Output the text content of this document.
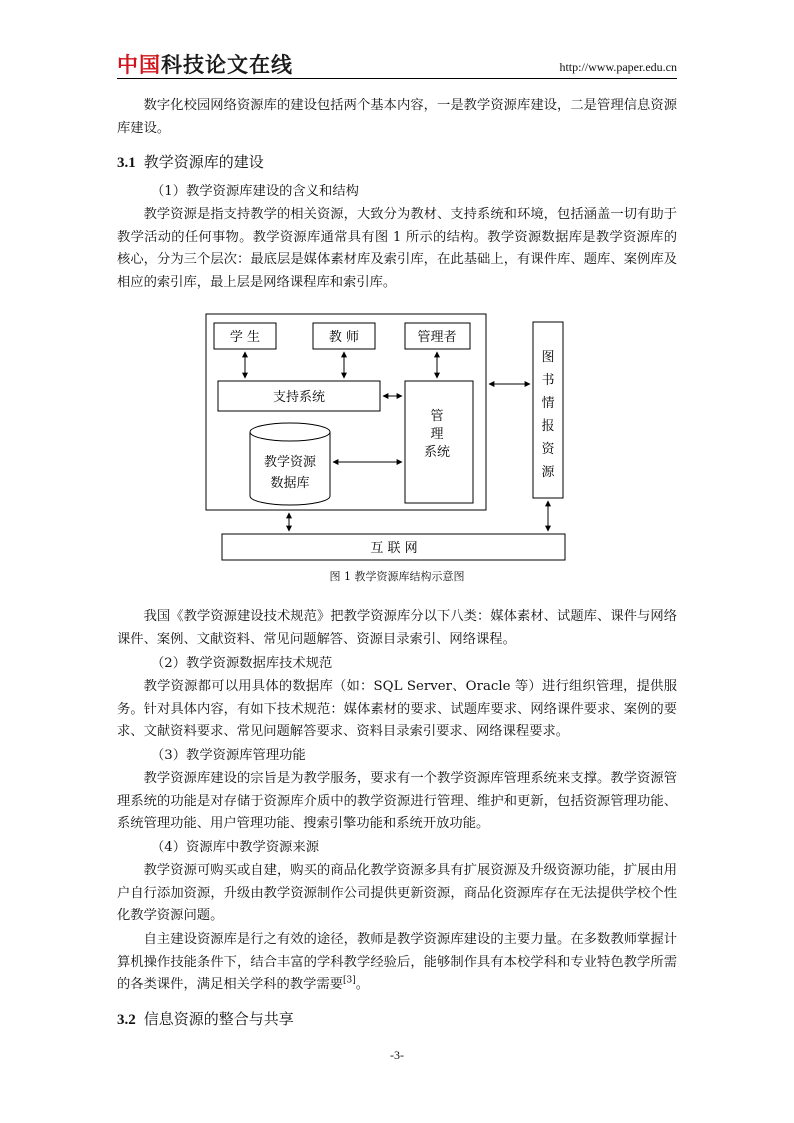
中国科技论文在线	http://www.paper.edu.cn

数字化校园网络资源库的建设包括两个基本内容，一是教学资源库建设，二是管理信息资源库建设。

3.1 教学资源库的建设

（1）教学资源库建设的含义和结构

教学资源是指支持教学的相关资源，大致分为教材、支持系统和环境，包括涵盖一切有助于教学活动的任何事物。教学资源库通常具有图 1 所示的结构。教学资源数据库是教学资源库的核心，分为三个层次：最底层是媒体素材库及索引库，在此基础上，有课件库、题库、案例库及相应的索引库，最上层是网络课程库和索引库。

学 生	教 师	管理者
支持系统
管
理
系统
教学资源
数据库
图
书
情
报
资
源
互 联 网
图 1 教学资源库结构示意图

我国《教学资源建设技术规范》把教学资源库分以下八类：媒体素材、试题库、课件与网络课件、案例、文献资料、常见问题解答、资源目录索引、网络课程。

（2）教学资源数据库技术规范

教学资源都可以用具体的数据库（如：SQL Server、Oracle 等）进行组织管理，提供服务。针对具体内容，有如下技术规范：媒体素材的要求、试题库要求、网络课件要求、案例的要求、文献资料要求、常见问题解答要求、资料目录索引要求、网络课程要求。

（3）教学资源库管理功能

教学资源库建设的宗旨是为教学服务，要求有一个教学资源库管理系统来支撑。教学资源管理系统的功能是对存储于资源库介质中的教学资源进行管理、维护和更新，包括资源管理功能、系统管理功能、用户管理功能、搜索引擎功能和系统开放功能。

（4）资源库中教学资源来源

教学资源可购买或自建，购买的商品化教学资源多具有扩展资源及升级资源功能，扩展由用户自行添加资源，升级由教学资源制作公司提供更新资源，商品化资源库存在无法提供学校个性化教学资源问题。

自主建设资源库是行之有效的途径，教师是教学资源库建设的主要力量。在多数教师掌握计算机操作技能条件下，结合丰富的学科教学经验后，能够制作具有本校学科和专业特色教学所需的各类课件，满足相关学科的教学需要[3]。

3.2 信息资源的整合与共享
-3-
